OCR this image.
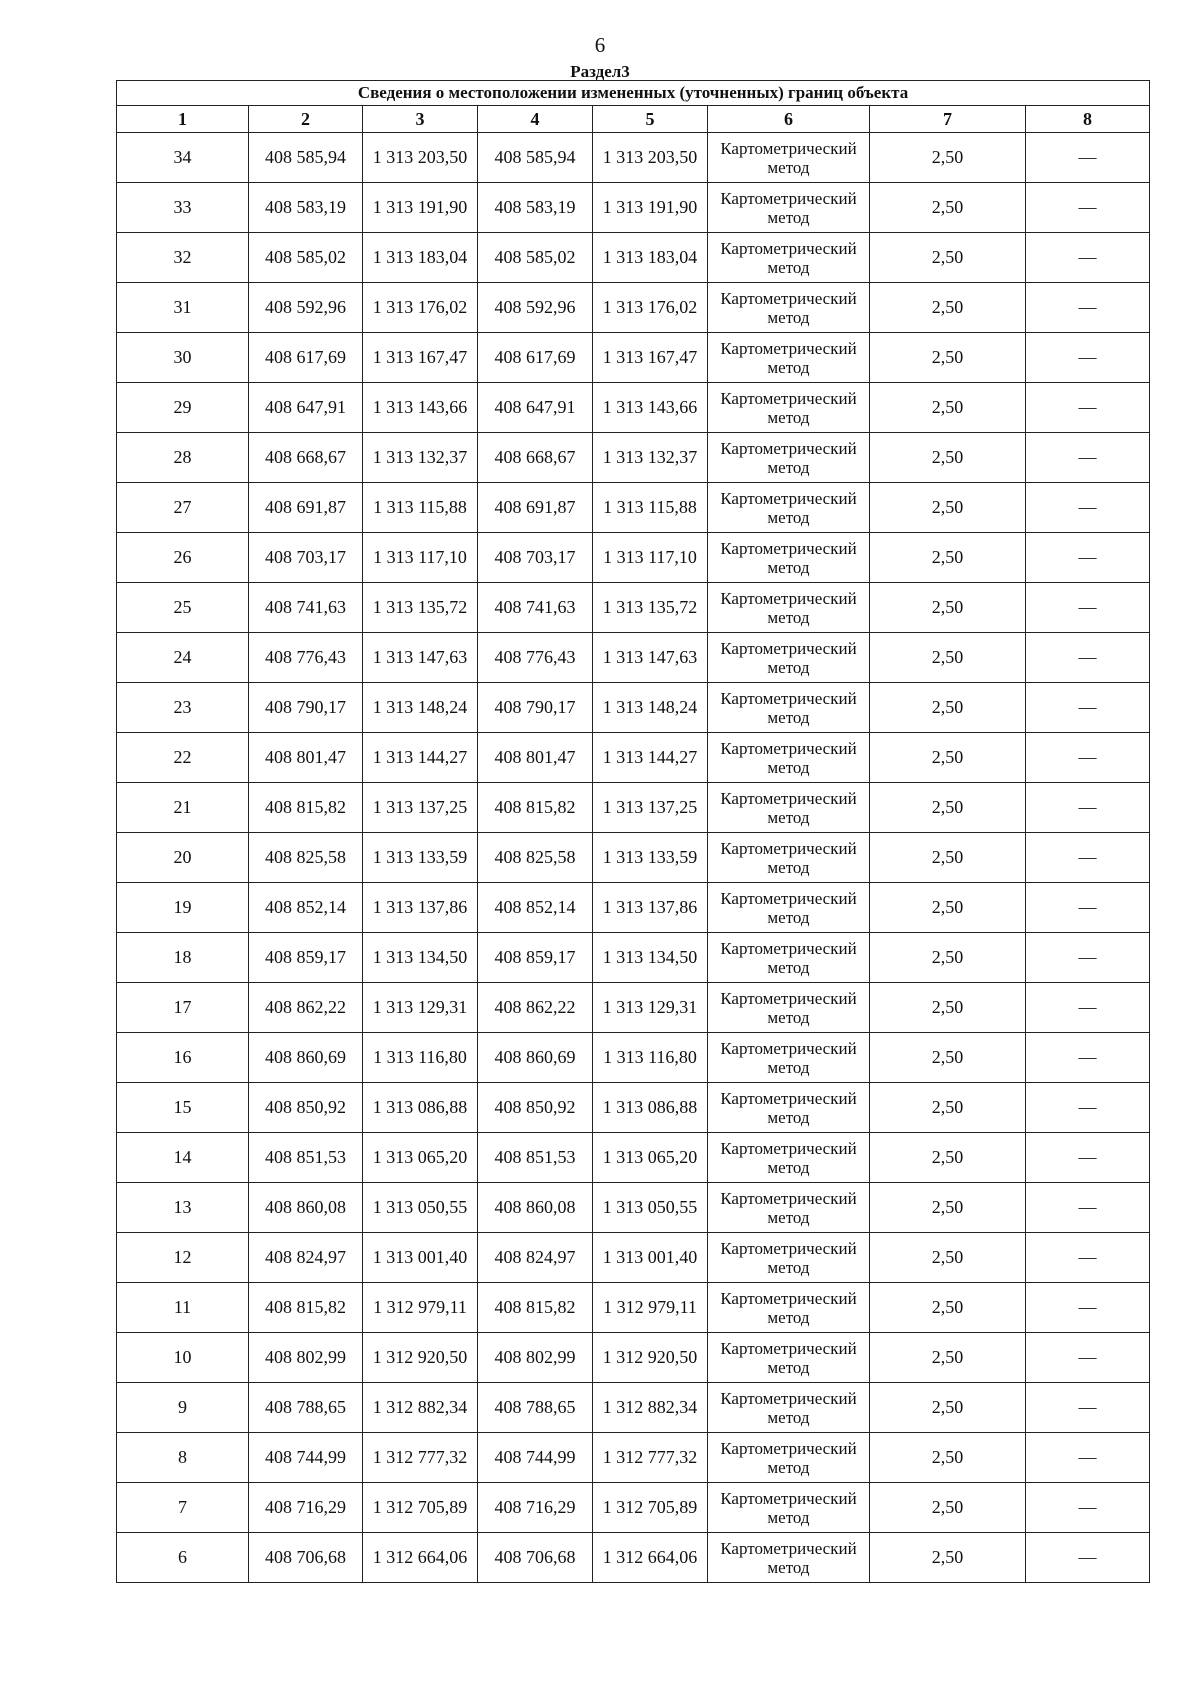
6
Раздел3
Сведения о местоположении измененных (уточненных) границ объекта							
1	2	3	4	5	6	7	8
34	408 585,94	1 313 203,50	408 585,94	1 313 203,50	Картометрический метод	2,50	—
33	408 583,19	1 313 191,90	408 583,19	1 313 191,90	Картометрический метод	2,50	—
32	408 585,02	1 313 183,04	408 585,02	1 313 183,04	Картометрический метод	2,50	—
31	408 592,96	1 313 176,02	408 592,96	1 313 176,02	Картометрический метод	2,50	—
30	408 617,69	1 313 167,47	408 617,69	1 313 167,47	Картометрический метод	2,50	—
29	408 647,91	1 313 143,66	408 647,91	1 313 143,66	Картометрический метод	2,50	—
28	408 668,67	1 313 132,37	408 668,67	1 313 132,37	Картометрический метод	2,50	—
27	408 691,87	1 313 115,88	408 691,87	1 313 115,88	Картометрический метод	2,50	—
26	408 703,17	1 313 117,10	408 703,17	1 313 117,10	Картометрический метод	2,50	—
25	408 741,63	1 313 135,72	408 741,63	1 313 135,72	Картометрический метод	2,50	—
24	408 776,43	1 313 147,63	408 776,43	1 313 147,63	Картометрический метод	2,50	—
23	408 790,17	1 313 148,24	408 790,17	1 313 148,24	Картометрический метод	2,50	—
22	408 801,47	1 313 144,27	408 801,47	1 313 144,27	Картометрический метод	2,50	—
21	408 815,82	1 313 137,25	408 815,82	1 313 137,25	Картометрический метод	2,50	—
20	408 825,58	1 313 133,59	408 825,58	1 313 133,59	Картометрический метод	2,50	—
19	408 852,14	1 313 137,86	408 852,14	1 313 137,86	Картометрический метод	2,50	—
18	408 859,17	1 313 134,50	408 859,17	1 313 134,50	Картометрический метод	2,50	—
17	408 862,22	1 313 129,31	408 862,22	1 313 129,31	Картометрический метод	2,50	—
16	408 860,69	1 313 116,80	408 860,69	1 313 116,80	Картометрический метод	2,50	—
15	408 850,92	1 313 086,88	408 850,92	1 313 086,88	Картометрический метод	2,50	—
14	408 851,53	1 313 065,20	408 851,53	1 313 065,20	Картометрический метод	2,50	—
13	408 860,08	1 313 050,55	408 860,08	1 313 050,55	Картометрический метод	2,50	—
12	408 824,97	1 313 001,40	408 824,97	1 313 001,40	Картометрический метод	2,50	—
11	408 815,82	1 312 979,11	408 815,82	1 312 979,11	Картометрический метод	2,50	—
10	408 802,99	1 312 920,50	408 802,99	1 312 920,50	Картометрический метод	2,50	—
9	408 788,65	1 312 882,34	408 788,65	1 312 882,34	Картометрический метод	2,50	—
8	408 744,99	1 312 777,32	408 744,99	1 312 777,32	Картометрический метод	2,50	—
7	408 716,29	1 312 705,89	408 716,29	1 312 705,89	Картометрический метод	2,50	—
6	408 706,68	1 312 664,06	408 706,68	1 312 664,06	Картометрический метод	2,50	—
